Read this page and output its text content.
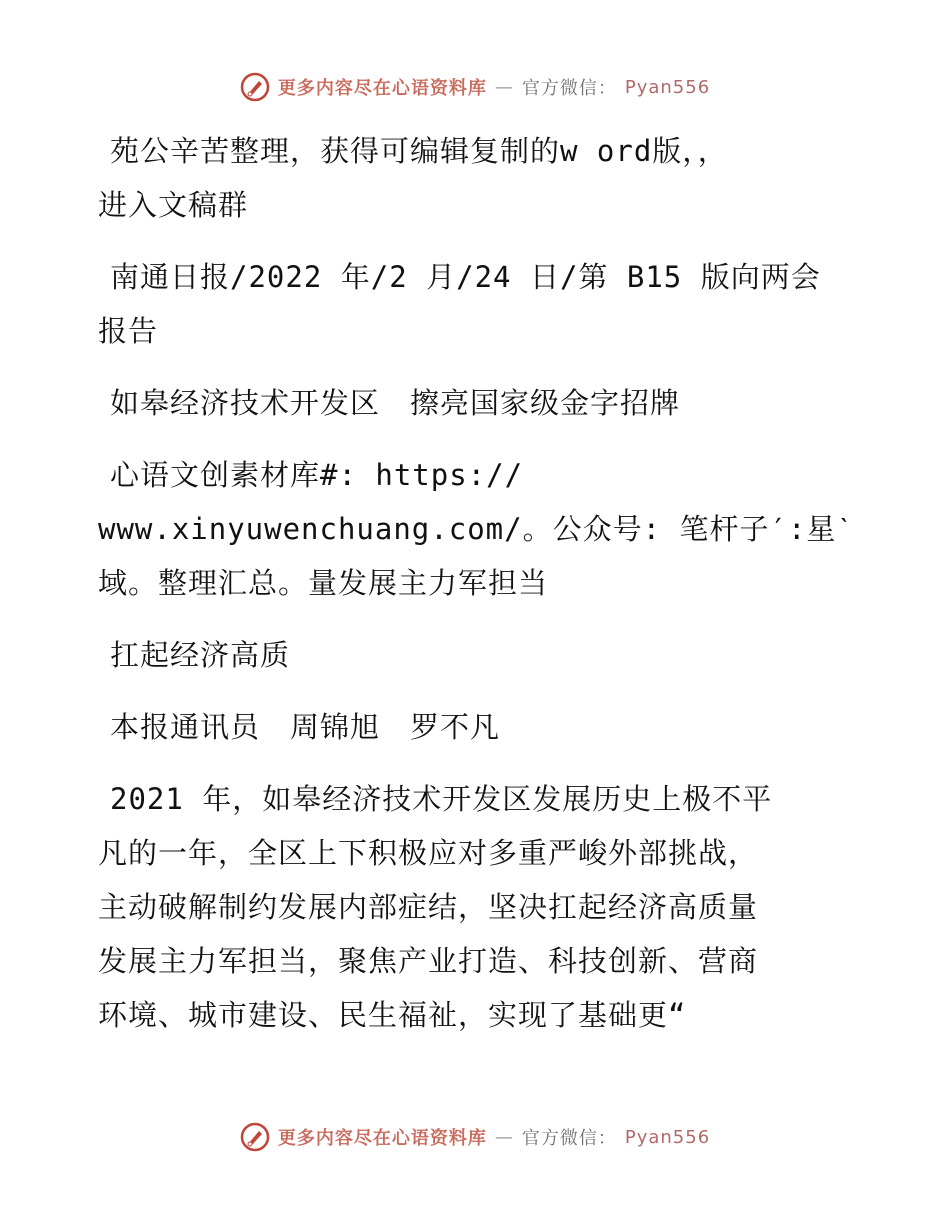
更多内容尽在心语资料库 — 官方微信： Pyan556

苑公辛苦整理，获得可编辑复制的w ord版，，
进入文稿群

南通日报/2022 年/2 月/24 日/第 B15 版向两会
报告

如皋经济技术开发区　擦亮国家级金字招牌

心语文创素材库#: https://
www.xinyuwenchuang.com/。公众号: 笔杆子′:星ˋ
域。整理汇总。量发展主力军担当

扛起经济高质

本报通讯员　周锦旭　罗不凡

2021 年，如皋经济技术开发区发展历史上极不平
凡的一年，全区上下积极应对多重严峻外部挑战，
主动破解制约发展内部症结，坚决扛起经济高质量
发展主力军担当，聚焦产业打造、科技创新、营商
环境、城市建设、民生福祉，实现了基础更“

更多内容尽在心语资料库 — 官方微信： Pyan556
